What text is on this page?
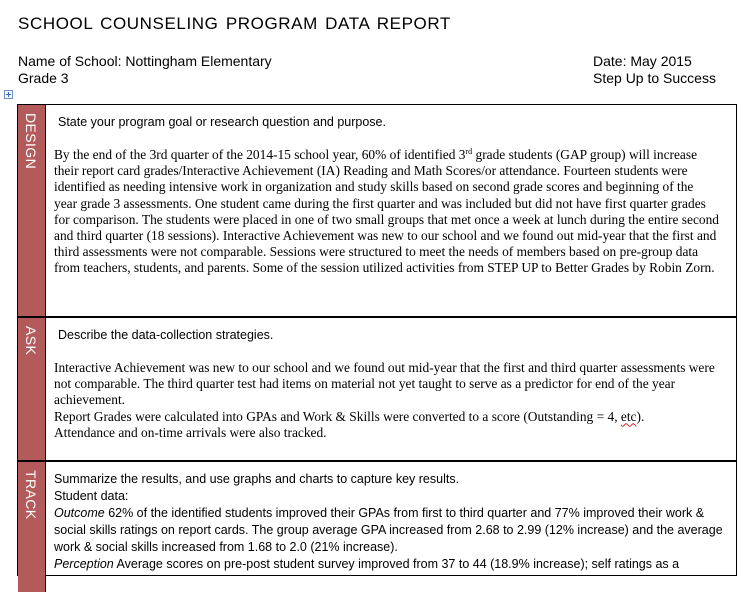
SCHOOL COUNSELING PROGRAM DATA REPORT
Name of School: Nottingham Elementary
Grade 3
Date: May 2015
Step Up to Success
DESIGN State your program goal or research question and purpose.
By the end of the 3rd quarter of the 2014-15 school year, 60% of identified 3rd grade students (GAP group) will increase their report card grades/Interactive Achievement (IA) Reading and Math Scores/or attendance. Fourteen students were identified as needing intensive work in organization and study skills based on second grade scores and beginning of the year grade 3 assessments. One student came during the first quarter and was included but did not have first quarter grades for comparison. The students were placed in one of two small groups that met once a week at lunch during the entire second and third quarter (18 sessions). Interactive Achievement was new to our school and we found out mid-year that the first and third assessments were not comparable. Sessions were structured to meet the needs of members based on pre-group data from teachers, students, and parents. Some of the session utilized activities from STEP UP to Better Grades by Robin Zorn.
ASK Describe the data-collection strategies.
Interactive Achievement was new to our school and we found out mid-year that the first and third quarter assessments were not comparable. The third quarter test had items on material not yet taught to serve as a predictor for end of the year achievement.
Report Grades were calculated into GPAs and Work & Skills were converted to a score (Outstanding = 4, etc).
Attendance and on-time arrivals were also tracked.
TRACK Summarize the results, and use graphs and charts to capture key results.
Student data:
Outcome 62% of the identified students improved their GPAs from first to third quarter and 77% improved their work & social skills ratings on report cards. The group average GPA increased from 2.68 to 2.99 (12% increase) and the average work & social skills increased from 1.68 to 2.0 (21% increase).
Perception Average scores on pre-post student survey improved from 37 to 44 (18.9% increase); self ratings as a
